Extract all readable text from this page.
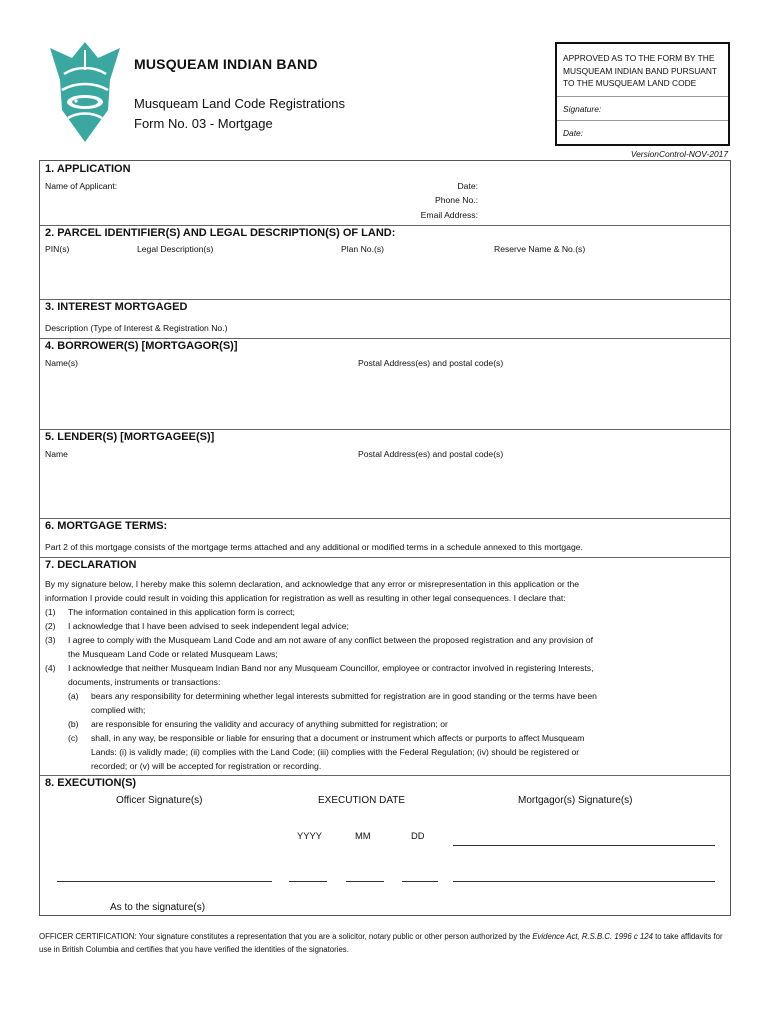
MUSQUEAM INDIAN BAND
Musqueam Land Code Registrations
Form No. 03 - Mortgage
APPROVED AS TO THE FORM BY THE MUSQUEAM INDIAN BAND PURSUANT TO THE MUSQUEAM LAND CODE
Signature:
Date:
VersionControl-NOV-2017
1. APPLICATION
Name of Applicant:	Date:
Phone No.:
Email Address:
2. PARCEL IDENTIFIER(S) AND LEGAL DESCRIPTION(S) OF LAND:
PIN(s)	Legal Description(s)	Plan No.(s)	Reserve Name & No.(s)
3. INTEREST MORTGAGED
Description (Type of Interest & Registration No.)
4. BORROWER(S) [MORTGAGOR(S)]
Name(s)	Postal Address(es) and postal code(s)
5. LENDER(S) [MORTGAGEE(S)]
Name	Postal Address(es) and postal code(s)
6. MORTGAGE TERMS:
Part 2 of this mortgage consists of the mortgage terms attached and any additional or modified terms in a schedule annexed to this mortgage.
7. DECLARATION
By my signature below, I hereby make this solemn declaration, and acknowledge that any error or misrepresentation in this application or the
information I provide could result in voiding this application for registration as well as resulting in other legal consequences. I declare that:
(1) The information contained in this application form is correct;
(2) I acknowledge that I have been advised to seek independent legal advice;
(3) I agree to comply with the Musqueam Land Code and am not aware of any conflict between the proposed registration and any provision of
the Musqueam Land Code or related Musqueam Laws;
(4) I acknowledge that neither Musqueam Indian Band nor any Musqueam Councillor, employee or contractor involved in registering Interests,
documents, instruments or transactions:
(a) bears any responsibility for determining whether legal interests submitted for registration are in good standing or the terms have been
complied with;
(b) are responsible for ensuring the validity and accuracy of anything submitted for registration; or
(c) shall, in any way, be responsible or liable for ensuring that a document or instrument which affects or purports to affect Musqueam
Lands: (i) is validly made; (ii) complies with the Land Code; (iii) complies with the Federal Regulation; (iv) should be registered or
recorded; or (v) will be accepted for registration or recording.
8. EXECUTION(S)
Officer Signature(s)	EXECUTION DATE	Mortgagor(s) Signature(s)
YYYY	MM	DD
As to the signature(s)
OFFICER CERTIFICATION: Your signature constitutes a representation that you are a solicitor, notary public or other person authorized by the Evidence Act, R.S.B.C. 1996 c 124 to take affidavits for use in British Columbia and certifies that you have verified the identities of the signatories.
